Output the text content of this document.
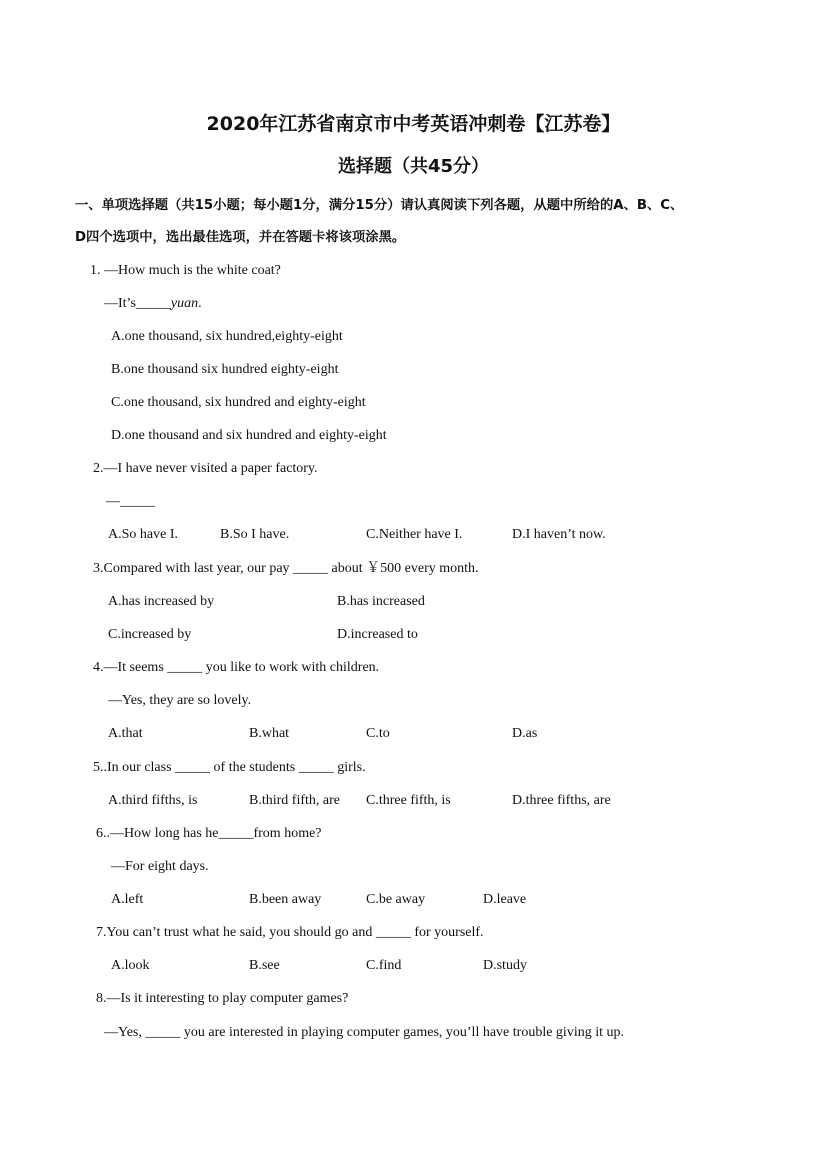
2020年江苏省南京市中考英语冲刺卷【江苏卷】
选择题（共45分）
一、单项选择题（共15小题；每小题1分，满分15分）请认真阅读下列各题，从题中所给的A、B、C、
D四个选项中，选出最佳选项，并在答题卡将该项涂黑。
1. —How much is the white coat?
—It’s_____yuan.
A.one thousand, six hundred,eighty-eight
B.one thousand six hundred eighty-eight
C.one thousand, six hundred and eighty-eight
D.one thousand and six hundred and eighty-eight
2.—I have never visited a paper factory.
—_____
A.So have I.	B.So I have.	C.Neither have I.	D.I haven’t now.
3.Compared with last year, our pay _____ about ￥500 every month.
A.has increased by	B.has increased
C.increased by	D.increased to
4.—It seems _____ you like to work with children.
—Yes, they are so lovely.
A.that	B.what	C.to	D.as
5..In our class _____ of the students _____ girls.
A.third fifths, is	B.third fifth, are C.three fifth, is	D.three fifths, are
6..—How long has he_____from home?
—For eight days.
A.left	B.been away	C.be away	D.leave
7.You can’t trust what he said, you should go and _____ for yourself.
A.look	B.see	C.find	D.study
8.—Is it interesting to play computer games?
—Yes, _____ you are interested in playing computer games, you’ll have trouble giving it up.
